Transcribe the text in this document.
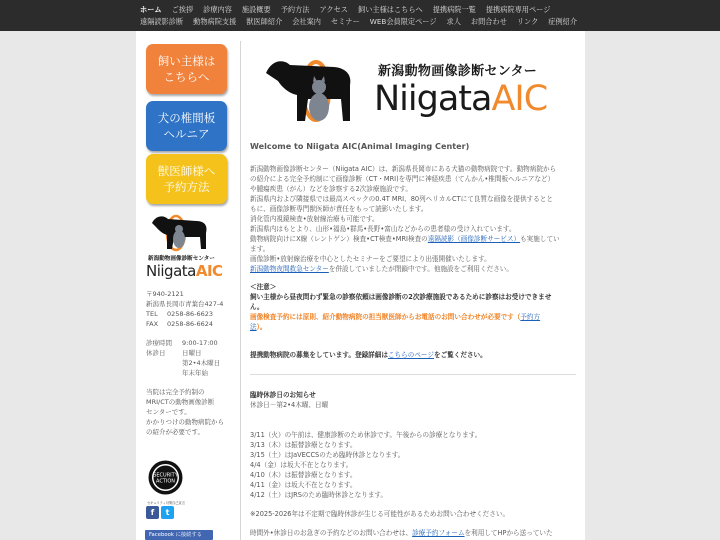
ホーム ご挨拶 診療内容 施設概要 予約方法 アクセス 飼い主様はこちらへ 提携病院一覧 提携病院専用ページ
遠隔読影診断 動物病院支援 獣医師紹介 会社案内 セミナー WEB会員限定ページ 求人 お問合わせ リンク 症例紹介
飼い主様は
こちらへ
犬の椎間板
ヘルニア
獣医師様へ
予約方法
新潟動物画像診断センター
NiigataAIC
〒940-2121
新潟県長岡市青葉台427-4
TEL	0258-86-6623
FAX	0258-86-6624
診療時間	9:00-17:00
休診日	日曜日
第2•4木曜日
年末年始
当院は完全予約制の
MRI/CTの動物画像診断
センターです。
かかりつけの動物病院から
の紹介が必要です。
SECURITY
ACTION
セキュリティ対策自己宣言
f	t
Facebook に接続する
新潟動物画像診断センター
NiigataAIC
Welcome to Niigata AIC(Animal Imaging Center)
新潟動物画像診断センター（Niigata AIC）は、新潟県長岡市にある犬猫の動物病院です。動物病院から
の紹介による完全予約制にて画像診断（CT・MRI)を専門に神経疾患（てんかん•椎間板ヘルニアなど）
や腫瘍疾患（がん）などを診察する2次診療施設です。
新潟県内および隣接県では最高スペックの0.4T MRI、80列ヘリカルCTにて良質な画像を提供するとと
もに、画像診断専門獣医師が責任をもって読影いたします。
消化管内視鏡検査•放射線治療も可能です。
新潟県内はもとより、山形•福島•群馬•長野•富山などからの患者様の受け入れています。
動物病院向けにX線（レントゲン）検査•CT検査•MRI検査の遠隔読影（画像診断サービス）も実施してい
ます。
画像診断•放射線治療を中心としたセミナーをご要望により出張開催いたします。
新潟動物夜間救急センターを併設していましたが閉鎖中です。他施設をご利用ください。
＜注意＞
飼い主様から昼夜問わず緊急の診察依頼は画像診断の2次診療施設であるために診察はお受けできませ
ん。
画像検査予約には原則、紹介動物病院の担当獣医師からお電話のお問い合わせが必要です（予約方
法）。
提携動物病院の募集をしています。登録詳細はこちらのページをご覧ください。
臨時休診日のお知らせ
休診日－第2•4木曜、日曜
3/11（火）の午前は、健康診断のため休診です。午後からの診療となります。
3/13（木）は振替診療となります。
3/15（土）はJaVECCSのため臨時休診となります。
4/4（金）は坂大不在となります。
4/10（木）は振替診療となります。
4/11（金）は坂大不在となります。
4/12（土）はJRSのため臨時休診となります。
※2025-2026年は不定期で臨時休診が生じる可能性があるためお問い合わせください。
時間外•休診日のお急ぎの予約などのお問い合わせは、診療予約フォームを利用してHPから送っていた
